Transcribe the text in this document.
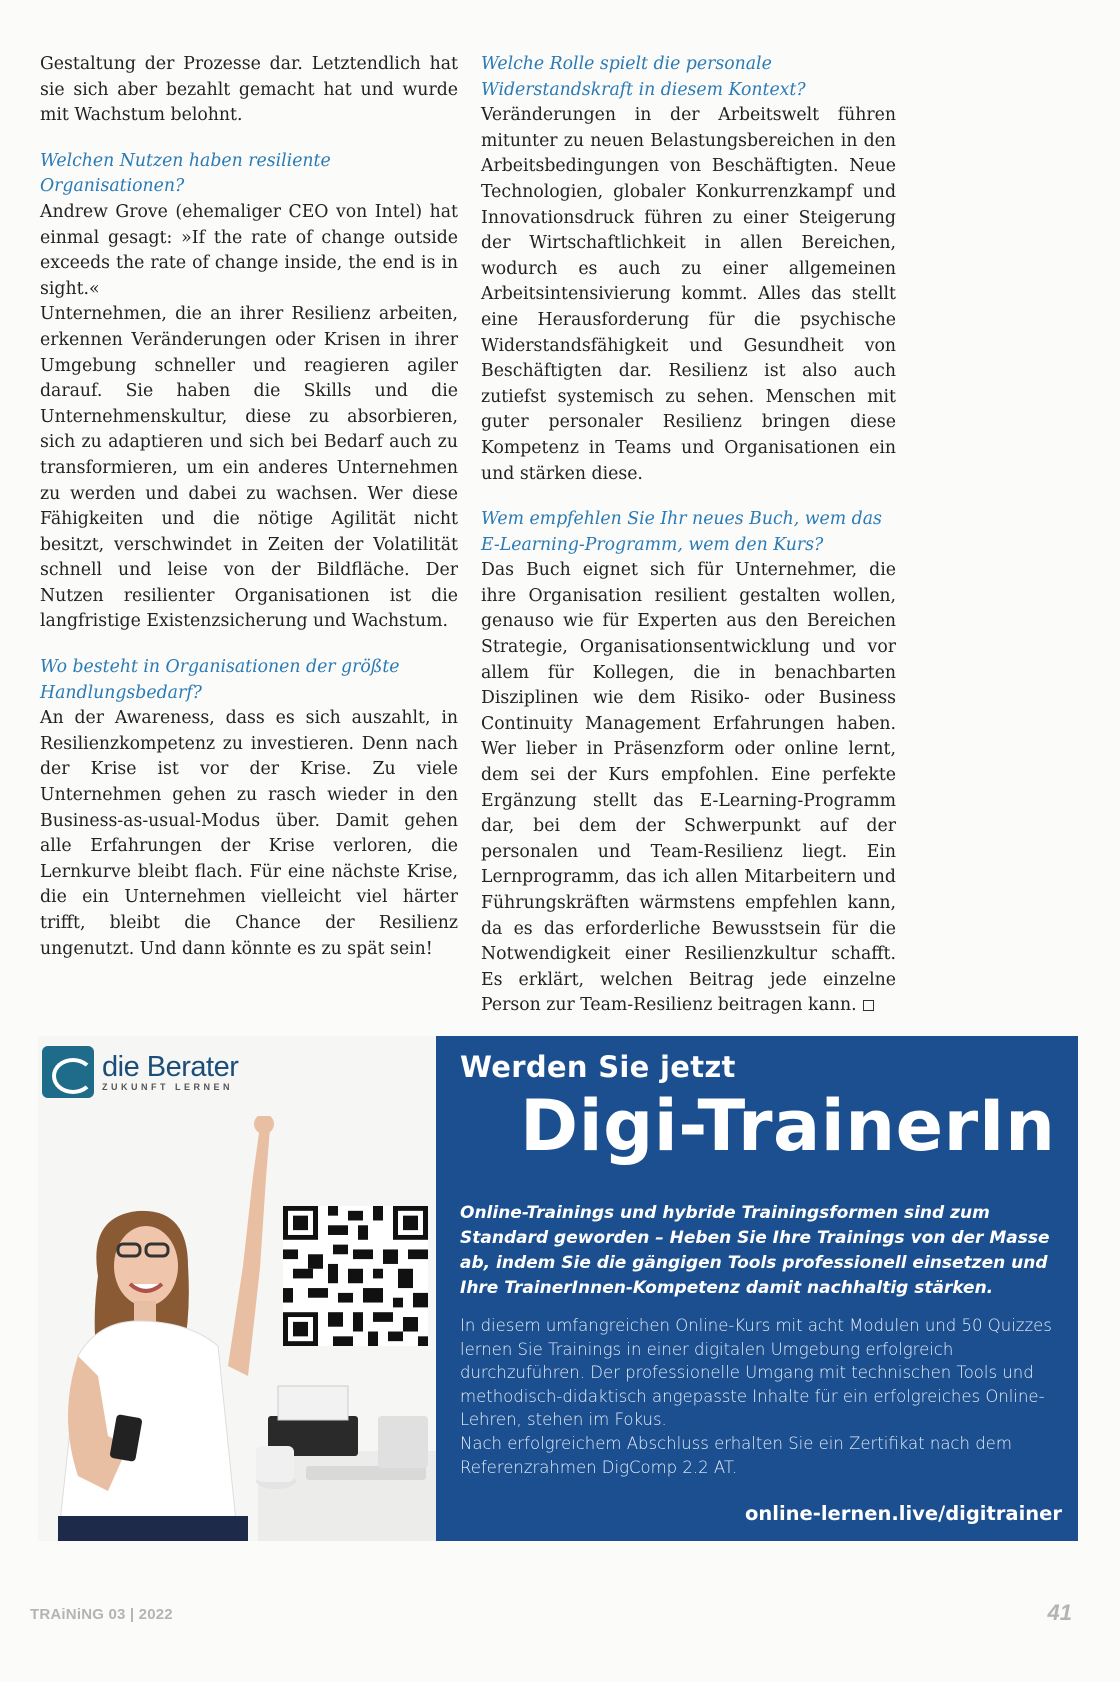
Gestaltung der Prozesse dar. Letztendlich hat sie sich aber bezahlt gemacht hat und wurde mit Wachstum belohnt.

Welchen Nutzen haben resiliente Organisationen?

Andrew Grove (ehemaliger CEO von Intel) hat einmal gesagt: »If the rate of change outside exceeds the rate of change inside, the end is in sight.«

Unternehmen, die an ihrer Resilienz arbeiten, erkennen Veränderungen oder Krisen in ihrer Umgebung schneller und reagieren agiler darauf. Sie haben die Skills und die Unternehmenskultur, diese zu absorbieren, sich zu adaptieren und sich bei Bedarf auch zu transformieren, um ein anderes Unternehmen zu werden und dabei zu wachsen. Wer diese Fähigkeiten und die nötige Agilität nicht besitzt, verschwindet in Zeiten der Volatilität schnell und leise von der Bildfläche. Der Nutzen resilienter Organisationen ist die langfristige Existenzsicherung und Wachstum.

Wo besteht in Organisationen der größte Handlungsbedarf?

An der Awareness, dass es sich auszahlt, in Resilienzkompetenz zu investieren. Denn nach der Krise ist vor der Krise. Zu viele Unternehmen gehen zu rasch wieder in den Business-as-usual-Modus über. Damit gehen alle Erfahrungen der Krise verloren, die Lernkurve bleibt flach. Für eine nächste Krise, die ein Unternehmen vielleicht viel härter trifft, bleibt die Chance der Resilienz ungenutzt. Und dann könnte es zu spät sein!

Welche Rolle spielt die personale Widerstandskraft in diesem Kontext?

Veränderungen in der Arbeitswelt führen mitunter zu neuen Belastungsbereichen in den Arbeitsbedingungen von Beschäftigten. Neue Technologien, globaler Konkurrenzkampf und Innovationsdruck führen zu einer Steigerung der Wirtschaftlichkeit in allen Bereichen, wodurch es auch zu einer allgemeinen Arbeitsintensivierung kommt. Alles das stellt eine Herausforderung für die psychische Widerstandsfähigkeit und Gesundheit von Beschäftigten dar. Resilienz ist also auch zutiefst systemisch zu sehen. Menschen mit guter personaler Resilienz bringen diese Kompetenz in Teams und Organisationen ein und stärken diese.

Wem empfehlen Sie Ihr neues Buch, wem das E-Learning-Programm, wem den Kurs?

Das Buch eignet sich für Unternehmer, die ihre Organisation resilient gestalten wollen, genauso wie für Experten aus den Bereichen Strategie, Organisationsentwicklung und vor allem für Kollegen, die in benachbarten Disziplinen wie dem Risiko- oder Business Continuity Management Erfahrungen haben. Wer lieber in Präsenzform oder online lernt, dem sei der Kurs empfohlen. Eine perfekte Ergänzung stellt das E-Learning-Programm dar, bei dem der Schwerpunkt auf der personalen und Team-Resilienz liegt. Ein Lernprogramm, das ich allen Mitarbeitern und Führungskräften wärmstens empfehlen kann, da es das erforderliche Bewusstsein für die Notwendigkeit einer Resilienzkultur schafft. Es erklärt, welchen Beitrag jede einzelne Person zur Team-Resilienz beitragen kann.

die Berater
ZUKUNFT LERNEN
Werden Sie jetzt
Digi-TrainerIn
Online-Trainings und hybride Trainingsformen sind zum Standard geworden – Heben Sie Ihre Trainings von der Masse ab, indem Sie die gängigen Tools professionell einsetzen und Ihre TrainerInnen-Kompetenz damit nachhaltig stärken.

In diesem umfangreichen Online-Kurs mit acht Modulen und 50 Quizzes lernen Sie Trainings in einer digitalen Umgebung erfolgreich durchzuführen. Der professionelle Umgang mit technischen Tools und methodisch-didaktisch angepasste Inhalte für ein erfolgreiches Online-Lehren, stehen im Fokus.

Nach erfolgreichem Abschluss erhalten Sie ein Zertifikat nach dem Referenzrahmen DigComp 2.2 AT.

online-lernen.live/digitrainer
TRAiNiNG 03 | 2022	41
